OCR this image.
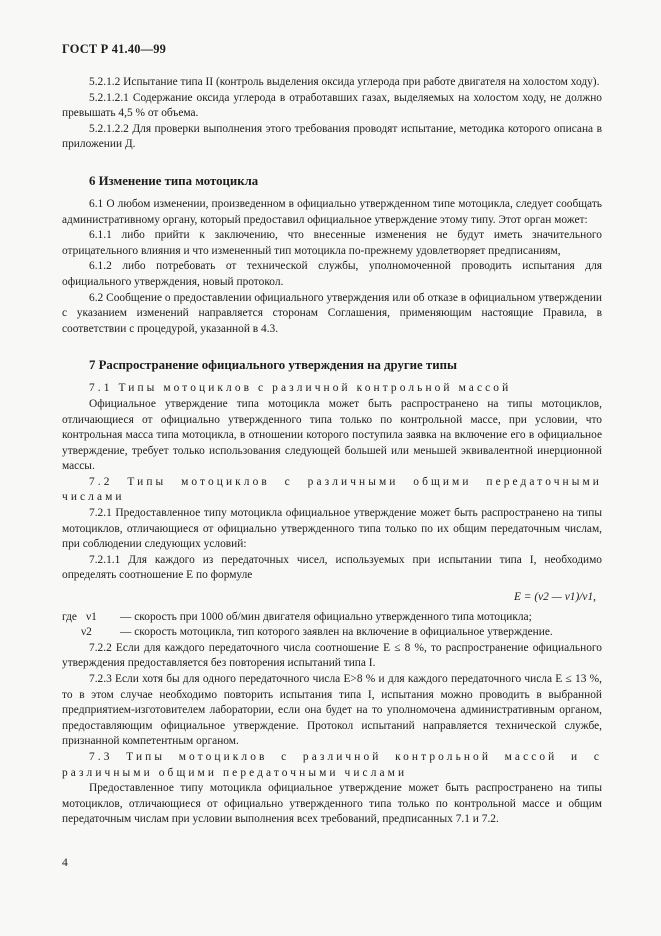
ГОСТ Р 41.40—99

5.2.1.2 Испытание типа II (контроль выделения оксида углерода при работе двигателя на холостом ходу).

5.2.1.2.1 Содержание оксида углерода в отработавших газах, выделяемых на холостом ходу, не должно превышать 4,5 % от объема.

5.2.1.2.2 Для проверки выполнения этого требования проводят испытание, методика которого описана в приложении Д.

6 Изменение типа мотоцикла

6.1 О любом изменении, произведенном в официально утвержденном типе мотоцикла, следует сообщать административному органу, который предоставил официальное утверждение этому типу. Этот орган может:

6.1.1 либо прийти к заключению, что внесенные изменения не будут иметь значительного отрицательного влияния и что измененный тип мотоцикла по-прежнему удовлетворяет предписаниям,

6.1.2 либо потребовать от технической службы, уполномоченной проводить испытания для официального утверждения, новый протокол.

6.2 Сообщение о предоставлении официального утверждения или об отказе в официальном утверждении с указанием изменений направляется сторонам Соглашения, применяющим настоящие Правила, в соответствии с процедурой, указанной в 4.3.

7 Распространение официального утверждения на другие типы

7.1 Типы мотоциклов с различной контрольной массой

Официальное утверждение типа мотоцикла может быть распространено на типы мотоциклов, отличающиеся от официально утвержденного типа только по контрольной массе, при условии, что контрольная масса типа мотоцикла, в отношении которого поступила заявка на включение его в официальное утверждение, требует только использования следующей большей или меньшей эквивалентной инерционной массы.

7.2 Типы мотоциклов с различными общими передаточными числами

7.2.1 Предоставленное типу мотоцикла официальное утверждение может быть распространено на типы мотоциклов, отличающиеся от официально утвержденного типа только по их общим передаточным числам, при соблюдении следующих условий:

7.2.1.1 Для каждого из передаточных чисел, используемых при испытании типа I, необходимо определять соотношение E по формуле

E = (ν2 — ν1)/ν1,
где ν1 — скорость при 1000 об/мин двигателя официально утвержденного типа мотоцикла;
ν2 — скорость мотоцикла, тип которого заявлен на включение в официальное утверждение.

7.2.2 Если для каждого передаточного числа соотношение E ≤ 8 %, то распространение официального утверждения предоставляется без повторения испытаний типа I.

7.2.3 Если хотя бы для одного передаточного числа E>8 % и для каждого передаточного числа E ≤ 13 %, то в этом случае необходимо повторить испытания типа I, испытания можно проводить в выбранной предприятием-изготовителем лаборатории, если она будет на то уполномочена административным органом, предоставляющим официальное утверждение. Протокол испытаний направляется технической службе, признанной компетентным органом.

7.3 Типы мотоциклов с различной контрольной массой и с различными общими передаточными числами

Предоставленное типу мотоцикла официальное утверждение может быть распространено на типы мотоциклов, отличающиеся от официально утвержденного типа только по контрольной массе и общим передаточным числам при условии выполнения всех требований, предписанных 7.1 и 7.2.

4
